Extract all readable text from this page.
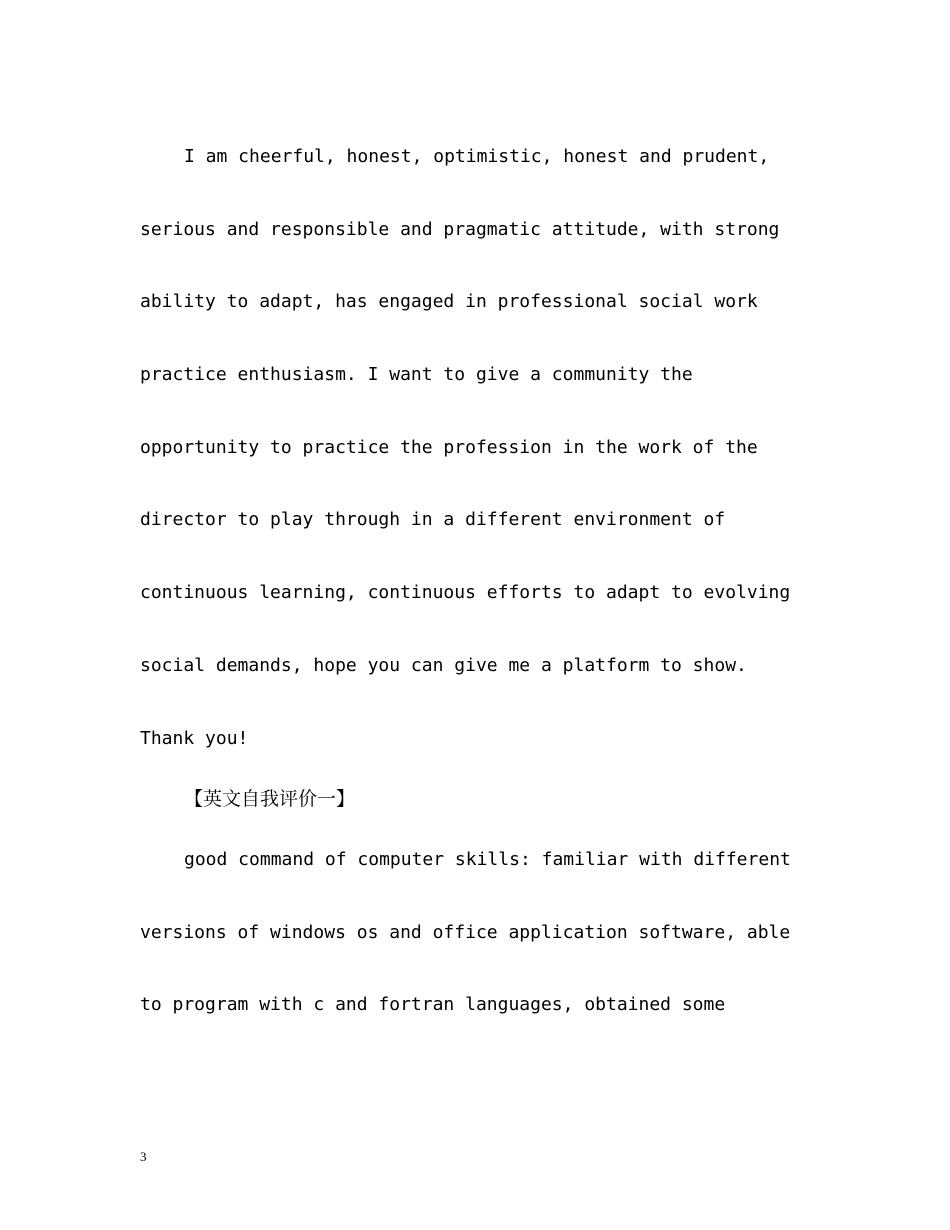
I am cheerful, honest, optimistic, honest and prudent,
serious and responsible and pragmatic attitude, with strong
ability to adapt, has engaged in professional social work
practice enthusiasm. I want to give a community the
opportunity to practice the profession in the work of the
director to play through in a different environment of
continuous learning, continuous efforts to adapt to evolving
social demands, hope you can give me a platform to show.
Thank you!
【英文自我评价一】
good command of computer skills: familiar with different
versions of windows os and office application software, able
to program with c and fortran languages, obtained some
3
